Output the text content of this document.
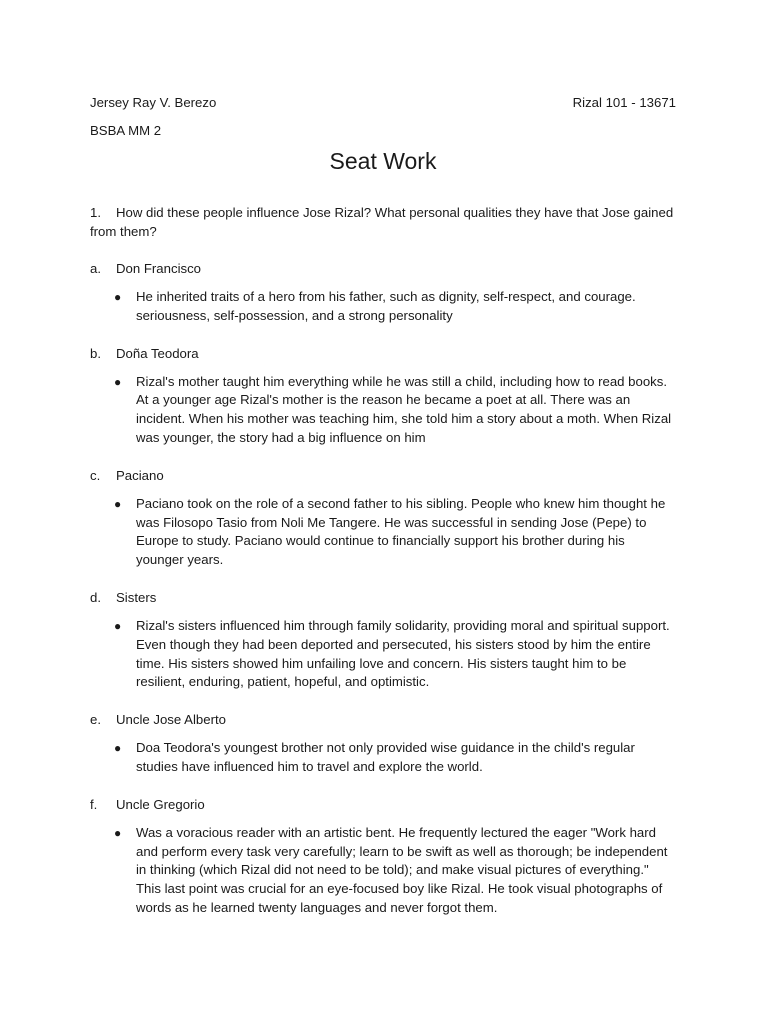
Jersey Ray V. Berezo	Rizal 101 - 13671
BSBA MM 2
Seat Work
1. How did these people influence Jose Rizal? What personal qualities they have that Jose gained from them?
a. Don Francisco
● He inherited traits of a hero from his father, such as dignity, self-respect, and courage. seriousness, self-possession, and a strong personality
b. Doña Teodora
● Rizal's mother taught him everything while he was still a child, including how to read books. At a younger age Rizal's mother is the reason he became a poet at all. There was an incident. When his mother was teaching him, she told him a story about a moth. When Rizal was younger, the story had a big influence on him
c. Paciano
● Paciano took on the role of a second father to his sibling. People who knew him thought he was Filosopo Tasio from Noli Me Tangere. He was successful in sending Jose (Pepe) to Europe to study. Paciano would continue to financially support his brother during his younger years.
d. Sisters
● Rizal's sisters influenced him through family solidarity, providing moral and spiritual support. Even though they had been deported and persecuted, his sisters stood by him the entire time. His sisters showed him unfailing love and concern. His sisters taught him to be resilient, enduring, patient, hopeful, and optimistic.
e. Uncle Jose Alberto
● Doa Teodora's youngest brother not only provided wise guidance in the child's regular studies have influenced him to travel and explore the world.
f. Uncle Gregorio
● Was a voracious reader with an artistic bent. He frequently lectured the eager "Work hard and perform every task very carefully; learn to be swift as well as thorough; be independent in thinking (which Rizal did not need to be told); and make visual pictures of everything." This last point was crucial for an eye-focused boy like Rizal. He took visual photographs of words as he learned twenty languages and never forgot them.
